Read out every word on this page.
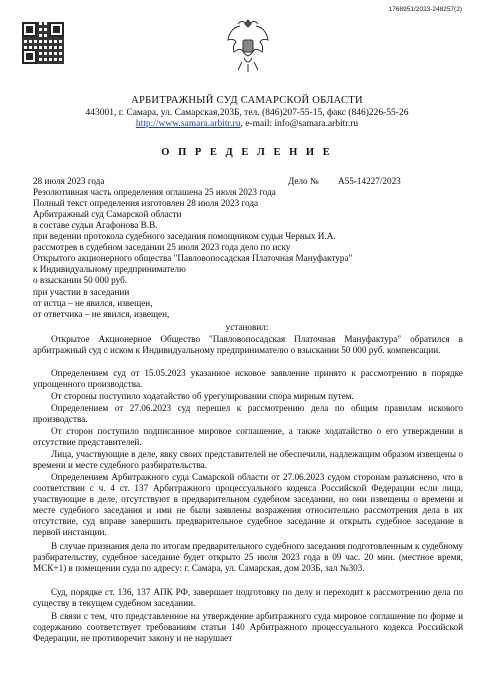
1768951/2023-248257(2)
АРБИТРАЖНЫЙ СУД САМАРСКОЙ ОБЛАСТИ
443001, г. Самара, ул. Самарская,203Б, тел. (846)207-55-15, факс (846)226-55-26
http://www.samara.arbitr.ru, e-mail: info@samara.arbitr.ru
О П Р Е Д Е Л Е Н И Е
28 июля 2023 года	Дело № А55-14227/2023
Резолютивная часть определения оглашена 25 июля 2023 года
Полный текст определения изготовлен 28 июля 2023 года
Арбитражный суд Самарской области
в составе судьи Агафонова В.В.
при ведении протокола судебного заседания помощником судьи Черных И.А.
рассмотрев в судебном заседании 25 июля 2023 года дело по иску
Открытого акционерного общества "Павловопосадская Платочная Мануфактура"
к Индивидуальному предпринимателю
о взыскании 50 000 руб.
при участии в заседании
от истца – не явился, извещен,
от ответчика – не явился, извещен,
установил:
Открытое Акционерное Общество "Павловопосадская Платочная Мануфактура" обратился в арбитражный суд с иском к Индивидуальному предпринимателю о взыскании 50 000 руб. компенсации.
Определением суд от 15.05.2023 указанное исковое заявление принято к рассмотрению в порядке упрощенного производства.
От стороны поступило ходатайство об урегулировании спора мирным путем.
Определением от 27.06.2023 суд перешел к рассмотрению дела по общим правилам искового производства.
От сторон поступило подписанное мировое соглашение, а также ходатайство о его утверждении в отсутствие представителей.
Лица, участвующие в деле, явку своих представителей не обеспечили, надлежащим образом извещены о времени и месте судебного разбирательства.
Определением Арбитражного суда Самарской области от 27.06.2023 судом сторонам разъяснено, что в соответствии с ч. 4 ст. 137 Арбитражного процессуального кодекса Российской Федерации если лица, участвующие в деле, отсутствуют в предварительном судебном заседании, но они извещены о времени и месте судебного заседания и ими не были заявлены возражения относительно рассмотрения дела в их отсутствие, суд вправе завершить предварительное судебное заседание и открыть судебное заседание в первой инстанции.
В случае признания дела по итогам предварительного судебного заседания подготовленным к судебному разбирательству, судебное заседание будет открыто 25 июля 2023 года в 09 час. 20 мин. (местное время, МСК+1) в помещении суда по адресу: г. Самара, ул. Самарская, дом 203Б, зал №303.
Суд, порядке ст. 136, 137 АПК РФ, завершает подготовку по делу и переходит к рассмотрению дела по существу в текущем судебном заседании.
В связи с тем, что представленное на утверждение арбитражного суда мировое соглашение по форме и содержанию соответствует требованиям статьи 140 Арбитражного процессуального кодекса Российской Федерации, не противоречит закону и не нарушает
